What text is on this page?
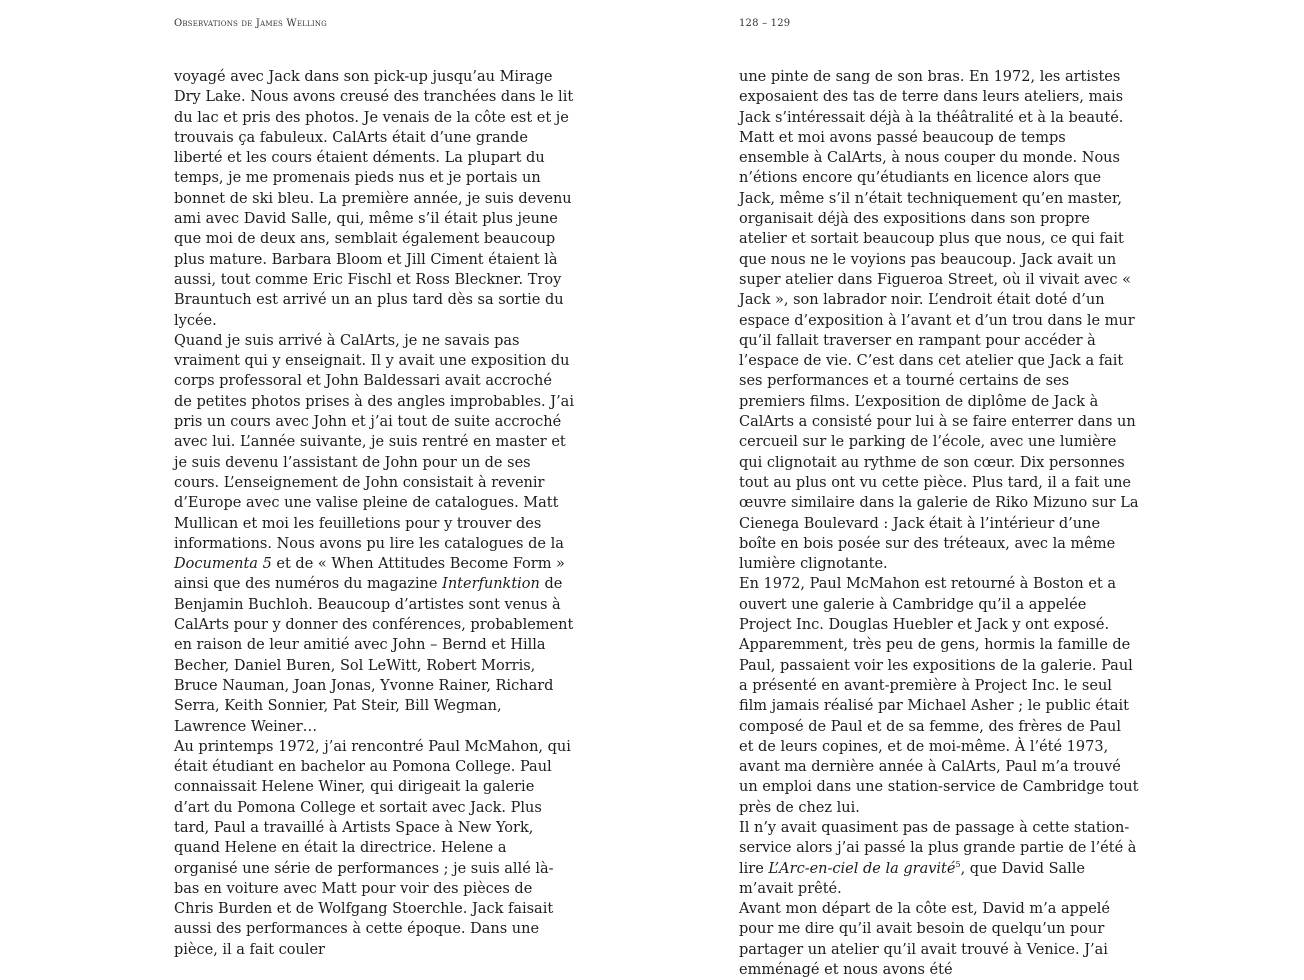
Observations de James Welling	128 – 129

voyagé avec Jack dans son pick-up jusqu’au Mirage Dry Lake. Nous avons creusé des tranchées dans le lit du lac et pris des photos. Je venais de la côte est et je trouvais ça fabuleux. CalArts était d’une grande liberté et les cours étaient déments. La plupart du temps, je me promenais pieds nus et je portais un bonnet de ski bleu. La première année, je suis devenu ami avec David Salle, qui, même s’il était plus jeune que moi de deux ans, semblait également beaucoup plus mature. Barbara Bloom et Jill Ciment étaient là aussi, tout comme Eric Fischl et Ross Bleckner. Troy Brauntuch est arrivé un an plus tard dès sa sortie du lycée.

Quand je suis arrivé à CalArts, je ne savais pas vraiment qui y enseignait. Il y avait une exposition du corps professoral et John Baldessari avait accroché de petites photos prises à des angles improbables. J’ai pris un cours avec John et j’ai tout de suite accroché avec lui. L’année suivante, je suis rentré en master et je suis devenu l’assistant de John pour un de ses cours. L’enseignement de John consistait à revenir d’Europe avec une valise pleine de catalogues. Matt Mullican et moi les feuilletions pour y trouver des informations. Nous avons pu lire les catalogues de la Documenta 5 et de « When Attitudes Become Form » ainsi que des numéros du magazine Interfunktion de Benjamin Buchloh. Beaucoup d’artistes sont venus à CalArts pour y donner des conférences, probablement en raison de leur amitié avec John – Bernd et Hilla Becher, Daniel Buren, Sol LeWitt, Robert Morris, Bruce Nauman, Joan Jonas, Yvonne Rainer, Richard Serra, Keith Sonnier, Pat Steir, Bill Wegman, Lawrence Weiner…

Au printemps 1972, j’ai rencontré Paul McMahon, qui était étudiant en bachelor au Pomona College. Paul connaissait Helene Winer, qui dirigeait la galerie d’art du Pomona College et sortait avec Jack. Plus tard, Paul a travaillé à Artists Space à New York, quand Helene en était la directrice. Helene a organisé une série de performances ; je suis allé là-bas en voiture avec Matt pour voir des pièces de Chris Burden et de Wolfgang Stoerchle. Jack faisait aussi des performances à cette époque. Dans une pièce, il a fait couler

une pinte de sang de son bras. En 1972, les artistes exposaient des tas de terre dans leurs ateliers, mais Jack s’intéressait déjà à la théâtralité et à la beauté.

Matt et moi avons passé beaucoup de temps ensemble à CalArts, à nous couper du monde. Nous n’étions encore qu’étudiants en licence alors que Jack, même s’il n’était techniquement qu’en master, organisait déjà des expositions dans son propre atelier et sortait beaucoup plus que nous, ce qui fait que nous ne le voyions pas beaucoup. Jack avait un super atelier dans Figueroa Street, où il vivait avec « Jack », son labrador noir. L’endroit était doté d’un espace d’exposition à l’avant et d’un trou dans le mur qu’il fallait traverser en rampant pour accéder à l’espace de vie. C’est dans cet atelier que Jack a fait ses performances et a tourné certains de ses premiers films. L’exposition de diplôme de Jack à CalArts a consisté pour lui à se faire enterrer dans un cercueil sur le parking de l’école, avec une lumière qui clignotait au rythme de son cœur. Dix personnes tout au plus ont vu cette pièce. Plus tard, il a fait une œuvre similaire dans la galerie de Riko Mizuno sur La Cienega Boulevard : Jack était à l’intérieur d’une boîte en bois posée sur des tréteaux, avec la même lumière clignotante.

En 1972, Paul McMahon est retourné à Boston et a ouvert une galerie à Cambridge qu’il a appelée Project Inc. Douglas Huebler et Jack y ont exposé. Apparemment, très peu de gens, hormis la famille de Paul, passaient voir les expositions de la galerie. Paul a présenté en avant-première à Project Inc. le seul film jamais réalisé par Michael Asher ; le public était composé de Paul et de sa femme, des frères de Paul et de leurs copines, et de moi-même. À l’été 1973, avant ma dernière année à CalArts, Paul m’a trouvé un emploi dans une station-service de Cambridge tout près de chez lui.

Il n’y avait quasiment pas de passage à cette station-service alors j’ai passé la plus grande partie de l’été à lire L’Arc-en-ciel de la gravité$^5$, que David Salle m’avait prêté.

Avant mon départ de la côte est, David m’a appelé pour me dire qu’il avait besoin de quelqu’un pour partager un atelier qu’il avait trouvé à Venice. J’ai emménagé et nous avons été
